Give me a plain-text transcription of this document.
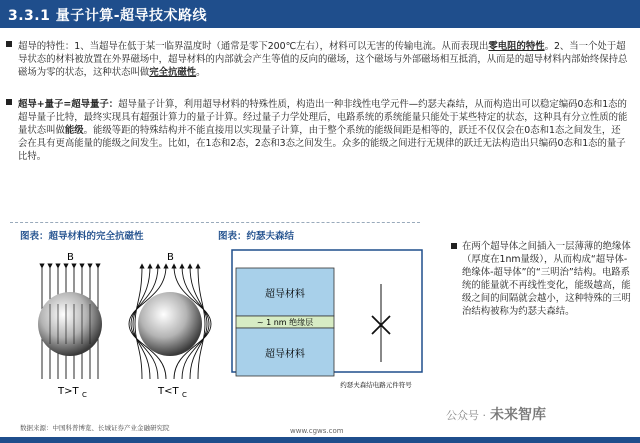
3.3.1 量子计算-超导技术路线
超导的特性：1、当超导在低于某一临界温度时（通常是零下200℃左右），材料可以无害的传输电流。从而表现出零电阻的特性。2、当一个处于超导状态的材料被放置在外界磁场中，超导材料的内部就会产生等值的反向的磁场，这个磁场与外部磁场相互抵消，从而是的超导材料内部始终保持总磁场为零的状态，这种状态叫做完全抗磁性。
超导+量子=超导量子：超导量子计算，利用超导材料的特殊性质，构造出一种非线性电学元件—约瑟夫森结，从而构造出可以稳定编码0态和1态的超导量子比特，最终实现具有超强计算力的量子计算。经过量子力学处理后，电路系统的系统能量只能处于某些特定的状态，这种具有分立性质的能量状态叫做能级。能级等距的特殊结构并不能直接用以实现量子计算，由于整个系统的能级间距是相等的，跃迁不仅仅会在0态和1态之间发生，还会在具有更高能量的能级之间发生。比如，在1态和2态，2态和3态之间发生。众多的能级之间进行无规律的跃迁无法构造出只编码0态和1态的量子比特。
图表：超导材料的完全抗磁性	图表：约瑟夫森结
B	B
T>T C	T<T C
超导材料
~ 1 nm 绝缘层
超导材料
约瑟夫森结电路元件符号
在两个超导体之间插入一层薄薄的绝缘体（厚度在1nm量级），从而构成“超导体-绝缘体-超导体”的“三明治”结构。电路系统的能量就不再线性变化，能级越高，能级之间的间隔就会越小，这种特殊的三明治结构被称为约瑟夫森结。
公众号 · 未来智库
数据来源：中国科普博览、长城证券产业金融研究院	www.cgws.com
